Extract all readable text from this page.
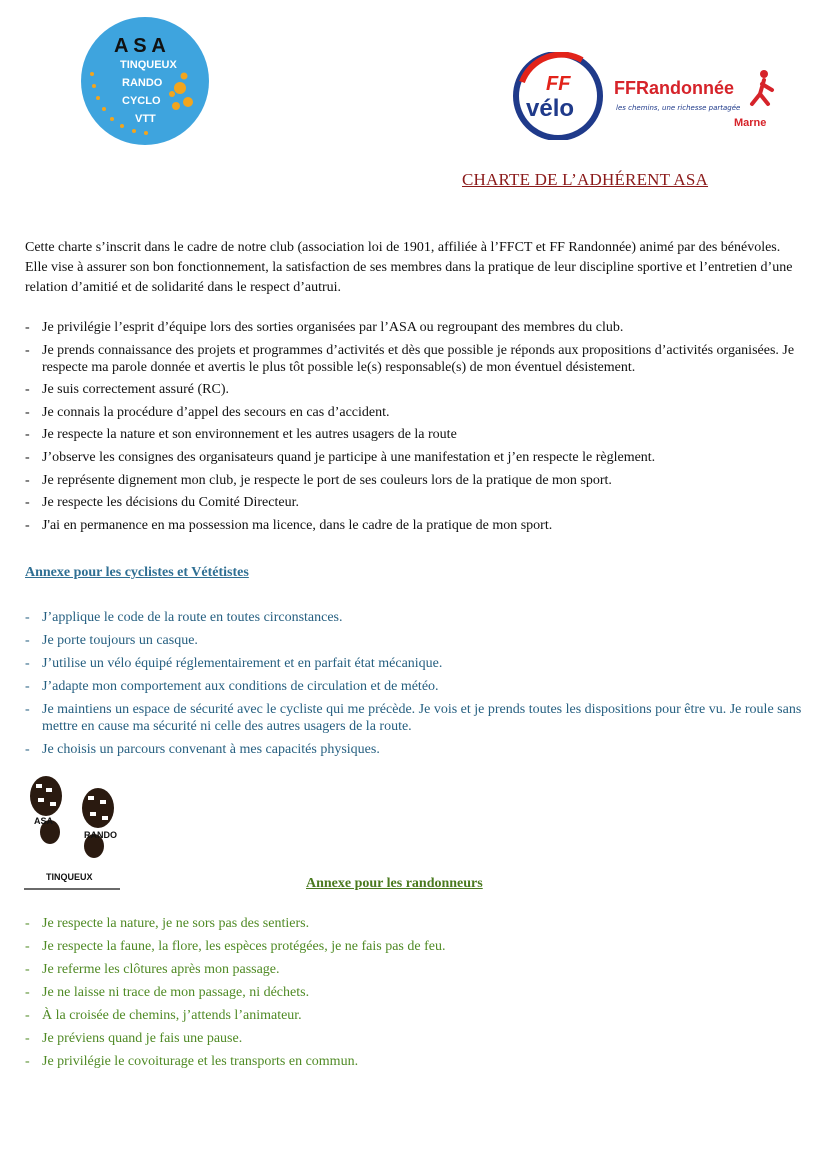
A S A
TINQUEUX
RANDO
CYCLO
VTT
FF
vélo
FFRandonnée
les chemins, une richesse partagée
Marne
CHARTE DE L’ADHÉRENT ASA
Cette charte s’inscrit dans le cadre de notre club (association loi de 1901, affiliée à l’FFCT et FF Randonnée) animé par des bénévoles. Elle vise à assurer son bon fonctionnement, la satisfaction de ses membres dans la pratique de leur discipline sportive et l’entretien d’une relation d’amitié et de solidarité dans le respect d’autrui.
- Je privilégie l’esprit d’équipe lors des sorties organisées par l’ASA ou regroupant des membres du club.
- Je prends connaissance des projets et programmes d’activités et dès que possible je réponds aux propositions d’activités organisées. Je respecte ma parole donnée et avertis le plus tôt possible le(s) responsable(s) de mon éventuel désistement.
- Je suis correctement assuré (RC).
- Je connais la procédure d’appel des secours en cas d’accident.
- Je respecte la nature et son environnement et les autres usagers de la route
- J’observe les consignes des organisateurs quand je participe à une manifestation et j’en respecte le règlement.
- Je représente dignement mon club, je respecte le port de ses couleurs lors de la pratique de mon sport.
- Je respecte les décisions du Comité Directeur.
- J'ai en permanence en ma possession ma licence, dans le cadre de la pratique de mon sport.
Annexe pour les cyclistes et Vététistes
- J’applique le code de la route en toutes circonstances.
- Je porte toujours un casque.
- J’utilise un vélo équipé réglementairement et en parfait état mécanique.
- J’adapte mon comportement aux conditions de circulation et de météo.
- Je maintiens un espace de sécurité avec le cycliste qui me précède. Je vois et je prends toutes les dispositions pour être vu. Je roule sans mettre en cause ma sécurité ni celle des autres usagers de la route.
- Je choisis un parcours convenant à mes capacités physiques.
ASA
RANDO
TINQUEUX	Annexe pour les randonneurs
- Je respecte la nature, je ne sors pas des sentiers.
- Je respecte la faune, la flore, les espèces protégées, je ne fais pas de feu.
- Je referme les clôtures après mon passage.
- Je ne laisse ni trace de mon passage, ni déchets.
- À la croisée de chemins, j’attends l’animateur.
- Je préviens quand je fais une pause.
- Je privilégie le covoiturage et les transports en commun.
